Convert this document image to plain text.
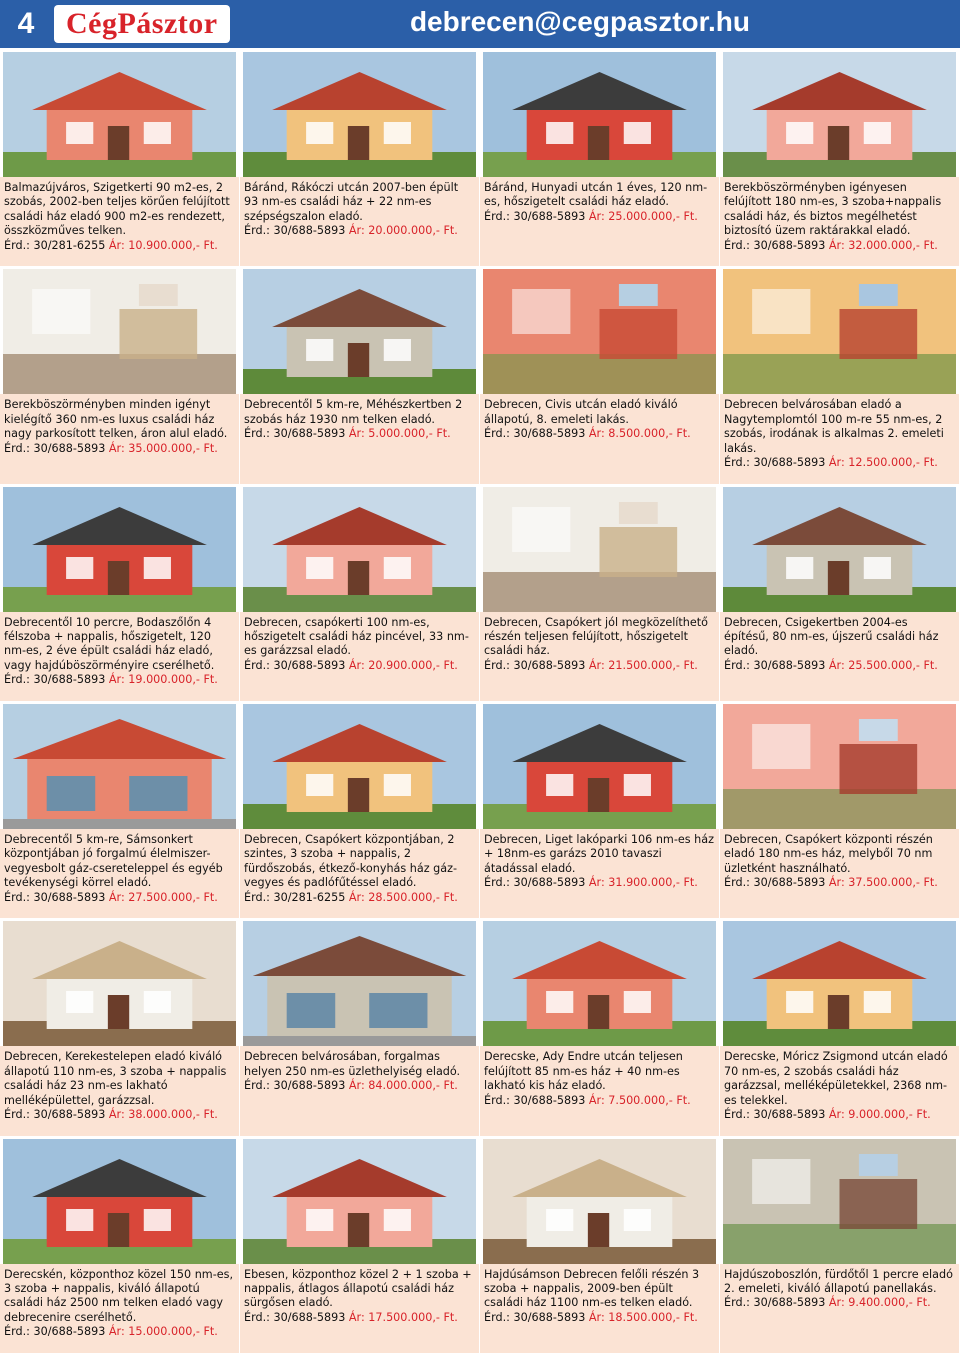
4	CégPásztor	debrecen@cegpasztor.hu
Balmazújváros, Szigetkerti 90 m2-es, 2 szobás, 2002-ben teljes körűen felújított családi ház eladó 900 m2-es rendezett, összközműves telken.
Érd.: 30/281-6255 Ár: 10.900.000,- Ft.
Báránd, Rákóczi utcán 2007-ben épült 93 nm-es családi ház + 22 nm-es szépségszalon eladó.
Érd.: 30/688-5893 Ár: 20.000.000,- Ft.
Báránd, Hunyadi utcán 1 éves, 120 nm-es, hőszigetelt családi ház eladó.
Érd.: 30/688-5893 Ár: 25.000.000,- Ft.
Berekböszörményben igényesen felújított 180 nm-es, 3 szoba+nappalis családi ház, és biztos megélhetést biztosító üzem raktárakkal eladó.
Érd.: 30/688-5893 Ár: 32.000.000,- Ft.
Berekböszörményben minden igényt kielégítő 360 nm-es luxus családi ház nagy parkosított telken, áron alul eladó.
Érd.: 30/688-5893 Ár: 35.000.000,- Ft.
Debrecentől 5 km-re, Méhészkertben 2 szobás ház 1930 nm telken eladó.
Érd.: 30/688-5893 Ár: 5.000.000,- Ft.
Debrecen, Civis utcán eladó kiváló állapotú, 8. emeleti lakás.
Érd.: 30/688-5893 Ár: 8.500.000,- Ft.
Debrecen belvárosában eladó a Nagytemplomtól 100 m-re 55 nm-es, 2 szobás, irodának is alkalmas 2. emeleti lakás.
Érd.: 30/688-5893 Ár: 12.500.000,- Ft.
Debrecentől 10 percre, Bodaszőlőn 4 félszoba + nappalis, hőszigetelt, 120 nm-es, 2 éve épült családi ház eladó, vagy hajdúböszörményire cserélhető.
Érd.: 30/688-5893 Ár: 19.000.000,- Ft.
Debrecen, csapókerti 100 nm-es, hőszigetelt családi ház pincével, 33 nm-es garázzsal eladó.
Érd.: 30/688-5893 Ár: 20.900.000,- Ft.
Debrecen, Csapókert jól megközelíthető részén teljesen felújított, hőszigetelt családi ház.
Érd.: 30/688-5893 Ár: 21.500.000,- Ft.
Debrecen, Csigekertben 2004-es építésű, 80 nm-es, újszerű családi ház eladó.
Érd.: 30/688-5893 Ár: 25.500.000,- Ft.
Debrecentől 5 km-re, Sámsonkert központjában jó forgalmú élelmiszer- vegyesbolt gáz-csereteleppel és egyéb tevékenységi körrel eladó.
Érd.: 30/688-5893 Ár: 27.500.000,- Ft.
Debrecen, Csapókert központjában, 2 szintes, 3 szoba + nappalis, 2 fürdőszobás, étkező-konyhás ház gáz- vegyes és padlófűtéssel eladó.
Érd.: 30/281-6255 Ár: 28.500.000,- Ft.
Debrecen, Liget lakóparki 106 nm-es ház + 18nm-es garázs 2010 tavaszi átadással eladó.
Érd.: 30/688-5893 Ár: 31.900.000,- Ft.
Debrecen, Csapókert központi részén eladó 180 nm-es ház, melyből 70 nm üzletként használható.
Érd.: 30/688-5893 Ár: 37.500.000,- Ft.
Debrecen, Kerekestelepen eladó kiváló állapotú 110 nm-es, 3 szoba + nappalis családi ház 23 nm-es lakható melléképülettel, garázzsal.
Érd.: 30/688-5893 Ár: 38.000.000,- Ft.
Debrecen belvárosában, forgalmas helyen 250 nm-es üzlethelyiség eladó.
Érd.: 30/688-5893 Ár: 84.000.000,- Ft.
Derecske, Ady Endre utcán teljesen felújított 85 nm-es ház + 40 nm-es lakható kis ház eladó.
Érd.: 30/688-5893 Ár: 7.500.000,- Ft.
Derecske, Móricz Zsigmond utcán eladó 70 nm-es, 2 szobás családi ház garázzsal, melléképületekkel, 2368 nm-es telekkel.
Érd.: 30/688-5893 Ár: 9.000.000,- Ft.
Derecskén, központhoz közel 150 nm-es, 3 szoba + nappalis, kiváló állapotú családi ház 2500 nm telken eladó vagy debrecenire cserélhető.
Érd.: 30/688-5893 Ár: 15.000.000,- Ft.
Ebesen, központhoz közel 2 + 1 szoba + nappalis, átlagos állapotú családi ház sürgősen eladó.
Érd.: 30/688-5893 Ár: 17.500.000,- Ft.
Hajdúsámson Debrecen felőli részén 3 szoba + nappalis, 2009-ben épült családi ház 1100 nm-es telken eladó.
Érd.: 30/688-5893 Ár: 18.500.000,- Ft.
Hajdúszoboszlón, fürdőtől 1 percre eladó 2. emeleti, kiváló állapotú panellakás.
Érd.: 30/688-5893 Ár: 9.400.000,- Ft.
